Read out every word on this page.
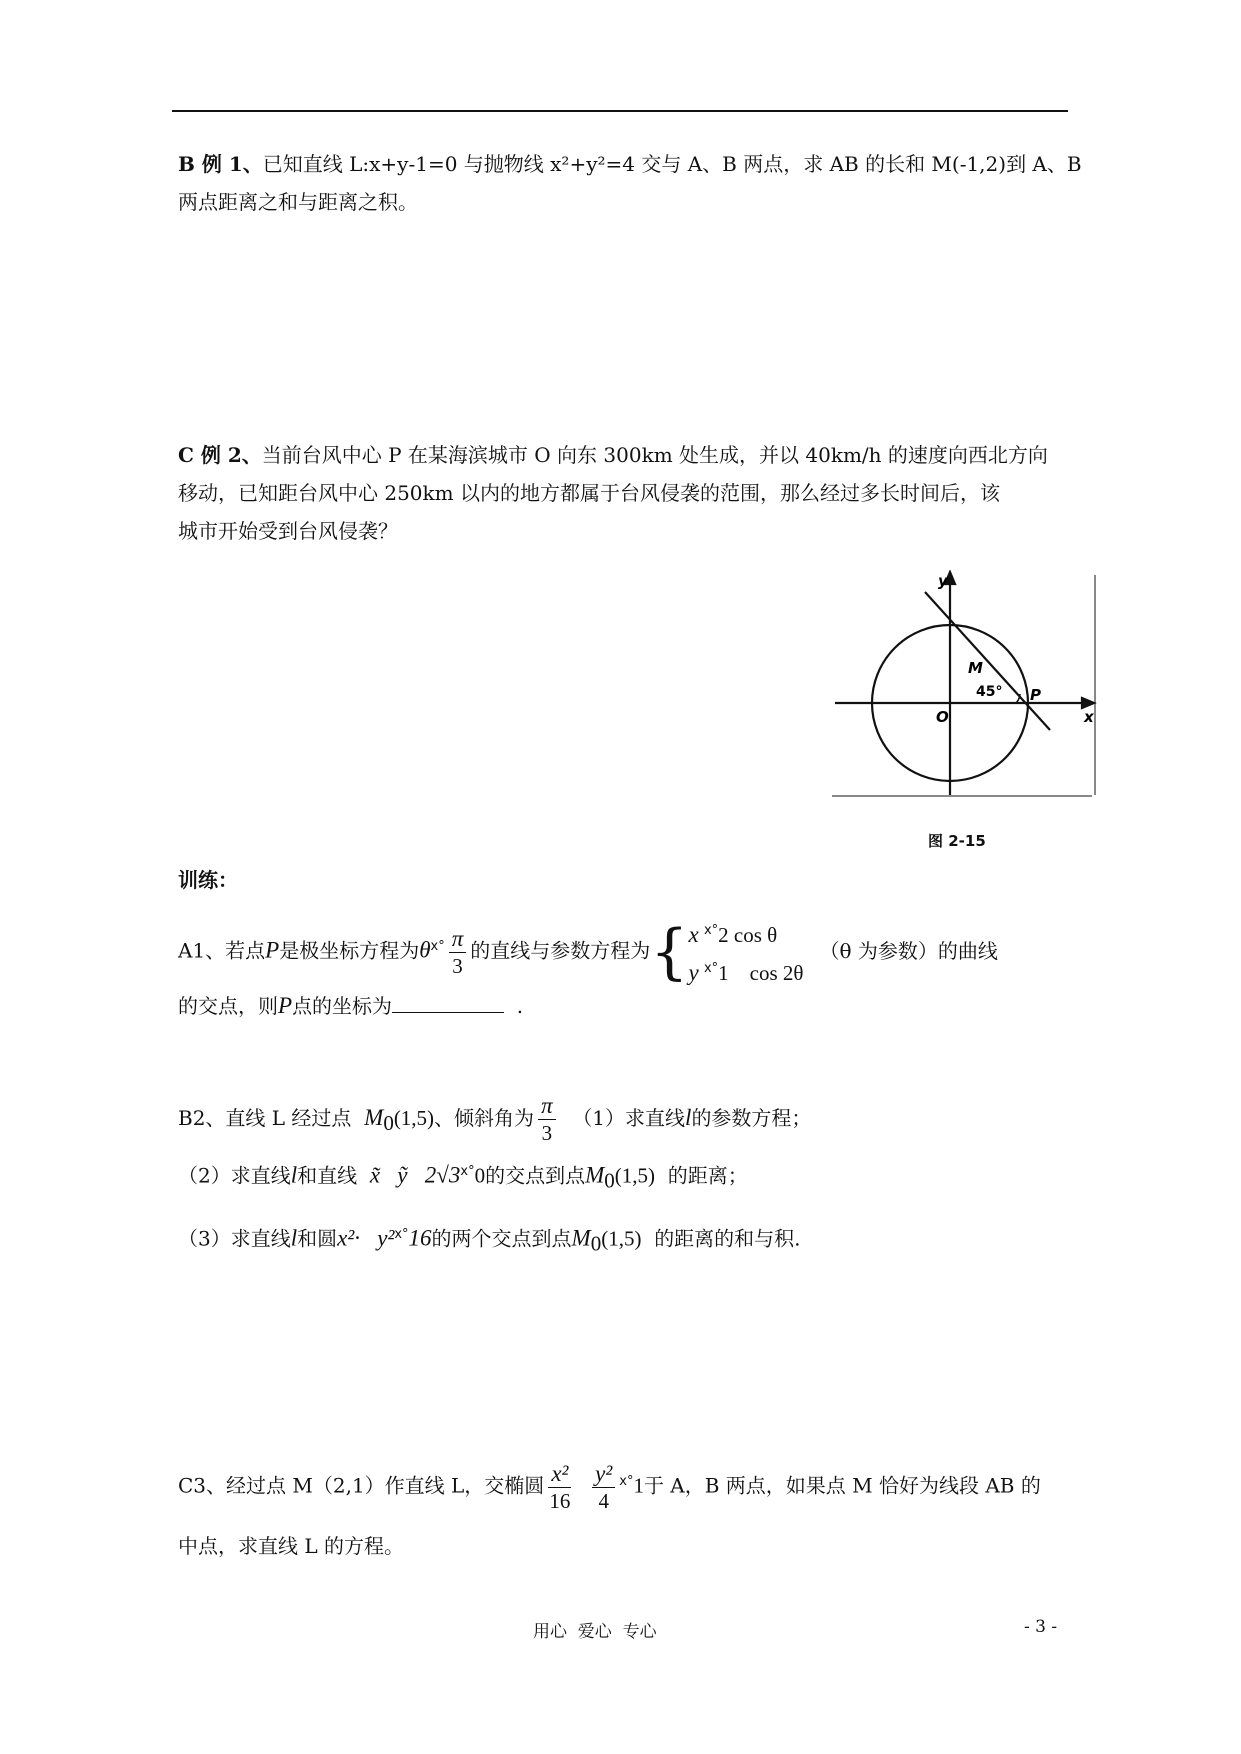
B 例 1、已知直线 L:x+y-1=0 与抛物线 x²+y²=4 交与 A、B 两点，求 AB 的长和 M(-1,2)到 A、B
两点距离之和与距离之积。
C 例 2、当前台风中心 P 在某海滨城市 O 向东 300km 处生成，并以 40km/h 的速度向西北方向
移动，已知距台风中心 250km 以内的地方都属于台风侵袭的范围，那么经过多长时间后，该
城市开始受到台风侵袭？
y
x
O
M
45° P
图 2-15
训练：
A1、若点P是极坐标方程为$\theta^{x^\circ} \frac{\pi}{3}$ 的直线与参数方程为{ x $^{x^\circ}$2 cos θ
y $^{x^\circ}$1    cos 2θ
（θ 为参数）的曲线
的交点，则P点的坐标为	.
B2、直线 L 经过点 $M_0(1,5)$、倾斜角为 $\frac{\pi}{3} (1)$求直线l的参数方程；
（2）求直线l和直线 x̃   ỹ   $2√3^{x^\circ}0$的交点到点$M_0(1,5)$ 的距离；
（3）求直线l和圆x²·   y²$^{x^\circ}$16的两个交点到点$M_0(1,5)$ 的距离的和与积.
C3、经过点 M（2,1）作直线 L，交椭圆 $\frac{\text{x²}}{16}$
$\frac{\text{y²}}{4} ^{x^\circ}1$于 A，B 两点，如果点 M 恰好为线段 AB 的
中点，求直线 L 的方程。
用心  爱心  专心	- 3 -
